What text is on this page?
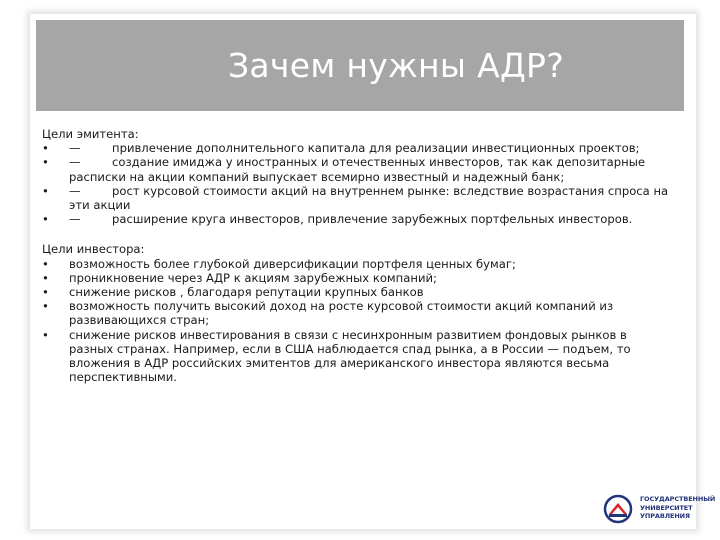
Зачем нужны АДР?

Цели эмитента:

• —	привлечение дополнительного капитала для реализации инвестиционных проектов;
• —	создание имиджа у иностранных и отечественных инвесторов, так как депозитарные расписки на акции компаний выпускает всемирно известный и надежный банк;
• —	рост курсовой стоимости акций на внутреннем рынке: вследствие возрастания спроса на эти акции
• —	расширение круга инвесторов, привлечение зарубежных портфельных инвесторов.

Цели инвестора:

• возможность более глубокой диверсификации портфеля ценных бумаг;
• проникновение через АДР к акциям зарубежных компаний;
• снижение рисков , благодаря репутации крупных банков
• возможность получить высокий доход на росте курсовой стоимости акций компаний из развивающихся стран;
• снижение рисков инвестирования в связи с несинхронным развитием фондовых рынков в разных странах. Например, если в США наблюдается спад рынка, а в России — подъем, то вложения в АДР российских эмитентов для американского инвестора являются весьма перспективными.
ГОСУДАРСТВЕННЫЙ
УНИВЕРСИТЕТ
УПРАВЛЕНИЯ
